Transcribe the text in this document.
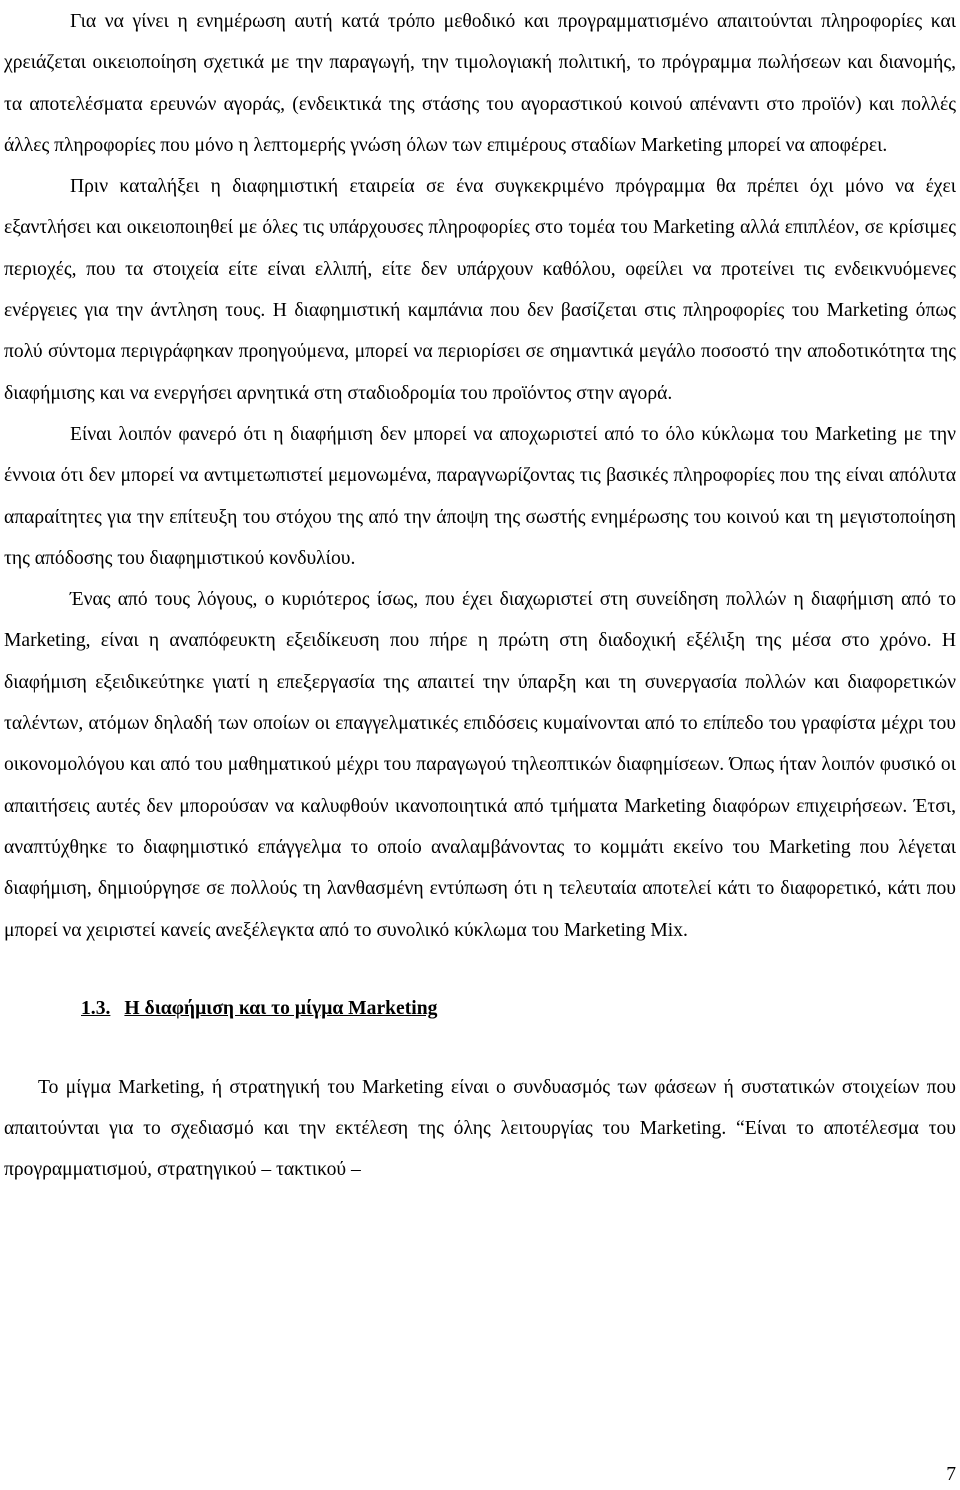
Για να γίνει η ενημέρωση αυτή κατά τρόπο μεθοδικό και προγραμματισμένο απαιτούνται πληροφορίες και χρειάζεται οικειοποίηση σχετικά με την παραγωγή, την τιμολογιακή πολιτική, το πρόγραμμα πωλήσεων και διανομής, τα αποτελέσματα ερευνών αγοράς, (ενδεικτικά της στάσης του αγοραστικού κοινού απέναντι στο προϊόν) και πολλές άλλες πληροφορίες που μόνο η λεπτομερής γνώση όλων των επιμέρους σταδίων Marketing μπορεί να αποφέρει.

Πριν καταλήξει η διαφημιστική εταιρεία σε ένα συγκεκριμένο πρόγραμμα θα πρέπει όχι μόνο να έχει εξαντλήσει και οικειοποιηθεί με όλες τις υπάρχουσες πληροφορίες στο τομέα του Marketing αλλά επιπλέον, σε κρίσιμες περιοχές, που τα στοιχεία είτε είναι ελλιπή, είτε δεν υπάρχουν καθόλου, οφείλει να προτείνει τις ενδεικνυόμενες ενέργειες για την άντληση τους. Η διαφημιστική καμπάνια που δεν βασίζεται στις πληροφορίες του Marketing όπως πολύ σύντομα περιγράφηκαν προηγούμενα, μπορεί να περιορίσει σε σημαντικά μεγάλο ποσοστό την αποδοτικότητα της διαφήμισης και να ενεργήσει αρνητικά στη σταδιοδρομία του προϊόντος στην αγορά.

Είναι λοιπόν φανερό ότι η διαφήμιση δεν μπορεί να αποχωριστεί από το όλο κύκλωμα του Marketing με την έννοια ότι δεν μπορεί να αντιμετωπιστεί μεμονωμένα, παραγνωρίζοντας τις βασικές πληροφορίες που της είναι απόλυτα απαραίτητες για την επίτευξη του στόχου της από την άποψη της σωστής ενημέρωσης του κοινού και τη μεγιστοποίηση της απόδοσης του διαφημιστικού κονδυλίου.

Ένας από τους λόγους, ο κυριότερος ίσως, που έχει διαχωριστεί στη συνείδηση πολλών η διαφήμιση από το Marketing, είναι η αναπόφευκτη εξειδίκευση που πήρε η πρώτη στη διαδοχική εξέλιξη της μέσα στο χρόνο. Η διαφήμιση εξειδικεύτηκε γιατί η επεξεργασία της απαιτεί την ύπαρξη και τη συνεργασία πολλών και διαφορετικών ταλέντων, ατόμων δηλαδή των οποίων οι επαγγελματικές επιδόσεις κυμαίνονται από το επίπεδο του γραφίστα μέχρι του οικονομολόγου και από του μαθηματικού μέχρι του παραγωγού τηλεοπτικών διαφημίσεων. Όπως ήταν λοιπόν φυσικό οι απαιτήσεις αυτές δεν μπορούσαν να καλυφθούν ικανοποιητικά από τμήματα Marketing διαφόρων επιχειρήσεων. Έτσι, αναπτύχθηκε το διαφημιστικό επάγγελμα το οποίο αναλαμβάνοντας το κομμάτι εκείνο του Marketing που λέγεται διαφήμιση, δημιούργησε σε πολλούς τη λανθασμένη εντύπωση ότι η τελευταία αποτελεί κάτι το διαφορετικό, κάτι που μπορεί να χειριστεί κανείς ανεξέλεγκτα από το συνολικό κύκλωμα του Marketing Mix.

1.3. Η διαφήμιση και το μίγμα Marketing

Το μίγμα Marketing, ή στρατηγική του Marketing είναι ο συνδυασμός των φάσεων ή συστατικών στοιχείων που απαιτούνται για το σχεδιασμό και την εκτέλεση της όλης λειτουργίας του Marketing. “Είναι το αποτέλεσμα του προγραμματισμού, στρατηγικού – τακτικού –

7
